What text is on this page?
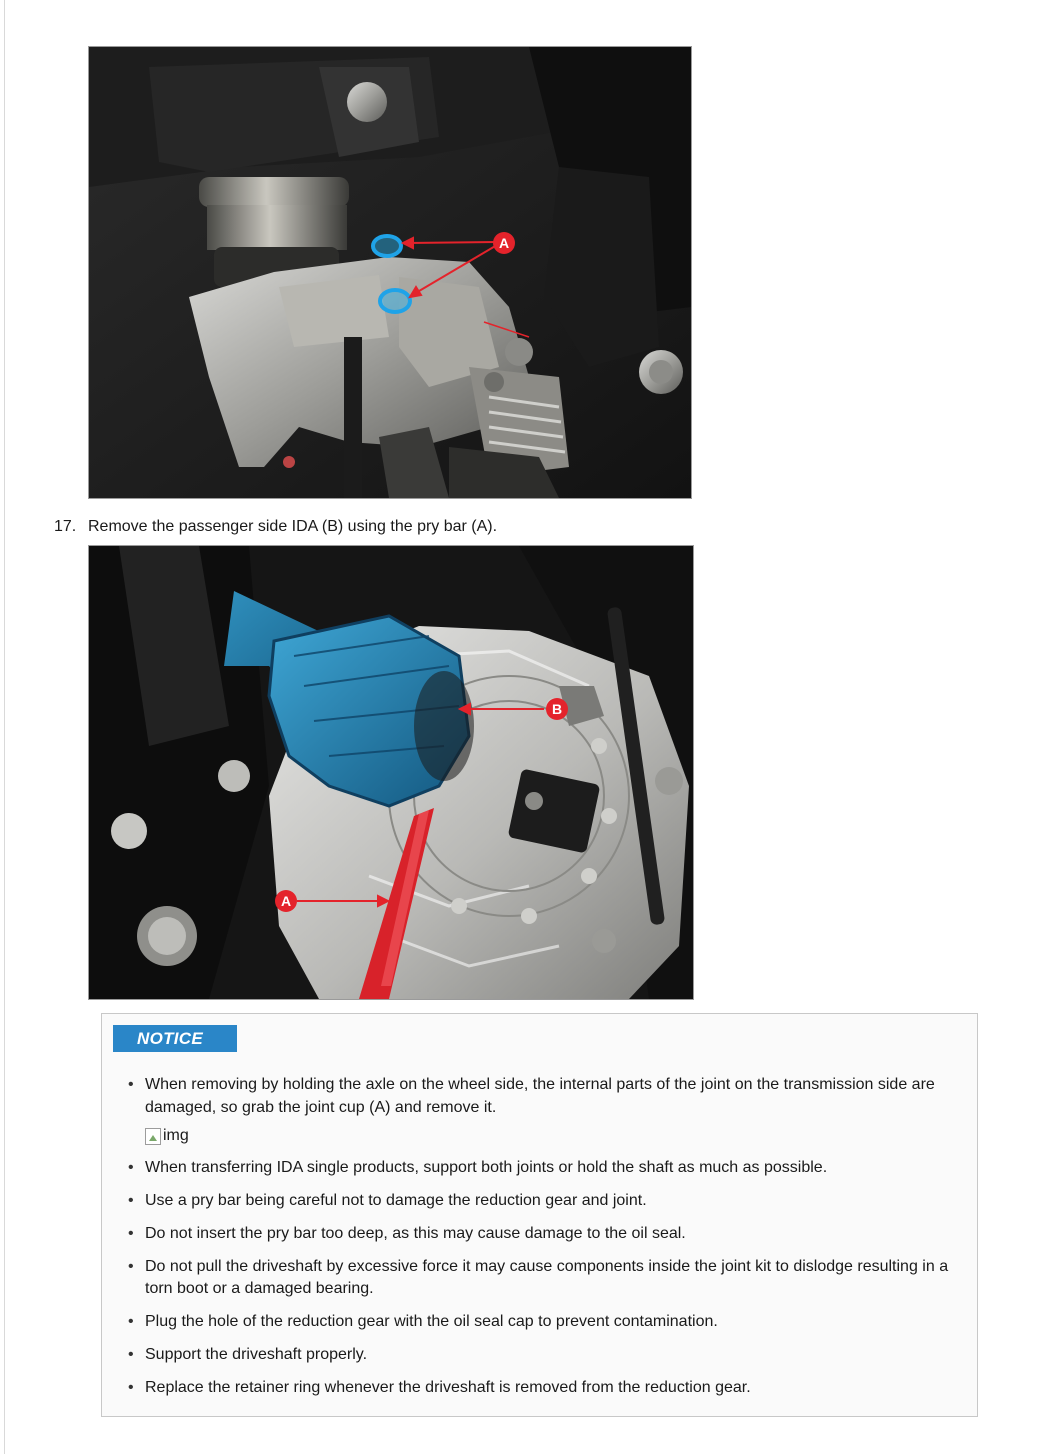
A
17. Remove the passenger side IDA (B) using the pry bar (A).
B
A
NOTICE
• When removing by holding the axle on the wheel side, the internal parts of the joint on the transmission side are damaged, so grab the joint cup (A) and remove it.
img
• When transferring IDA single products, support both joints or hold the shaft as much as possible.
• Use a pry bar being careful not to damage the reduction gear and joint.
• Do not insert the pry bar too deep, as this may cause damage to the oil seal.
• Do not pull the driveshaft by excessive force it may cause components inside the joint kit to dislodge resulting in a torn boot or a damaged bearing.
• Plug the hole of the reduction gear with the oil seal cap to prevent contamination.
• Support the driveshaft properly.
• Replace the retainer ring whenever the driveshaft is removed from the reduction gear.
